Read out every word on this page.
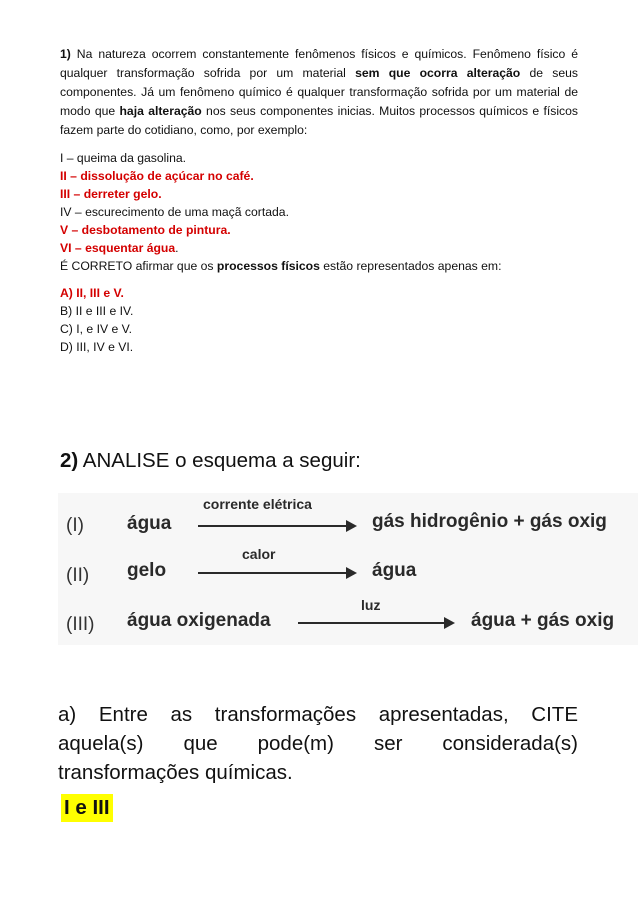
1) Na natureza ocorrem constantemente fenômenos físicos e químicos. Fenômeno físico é qualquer transformação sofrida por um material sem que ocorra alteração de seus componentes. Já um fenômeno químico é qualquer transformação sofrida por um material de modo que haja alteração nos seus componentes inicias. Muitos processos químicos e físicos fazem parte do cotidiano, como, por exemplo:

I – queima da gasolina.
II – dissolução de açúcar no café.
III – derreter gelo.
IV – escurecimento de uma maçã cortada.
V – desbotamento de pintura.
VI – esquentar água.

É CORRETO afirmar que os processos físicos estão representados apenas em:

A) II, III e V.
B) II e III e IV.
C) I, e IV e V.
D) III, IV e VI.
2) ANALISE o esquema a seguir:
(I) água
corrente elétrica
gás hidrogênio + gás oxig
(II) gelo
calor
água
(III) água oxigenada
luz
água + gás oxig

a) Entre as transformações apresentadas, CITE aquela(s) que pode(m) ser considerada(s) transformações químicas.

I e III
